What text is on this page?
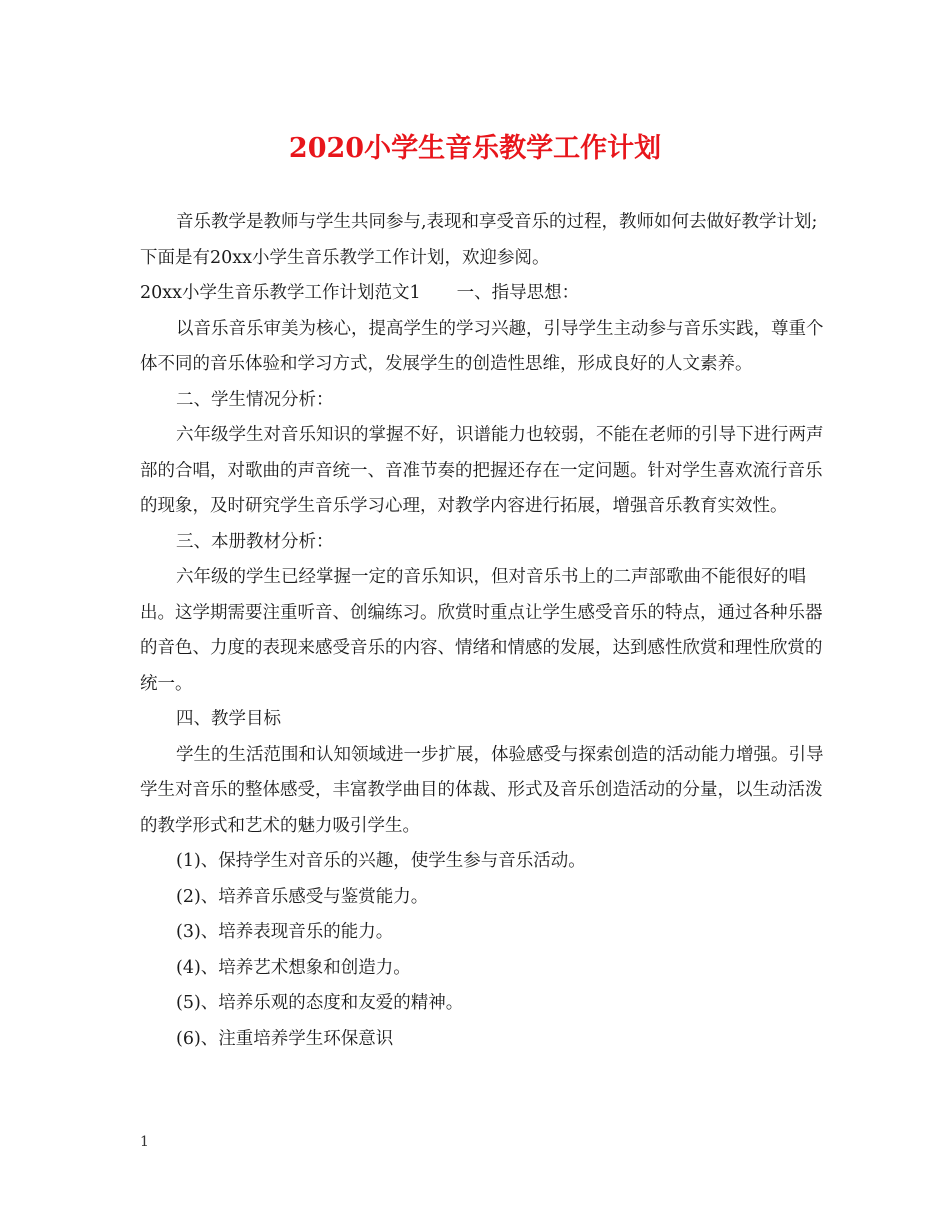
2020小学生音乐教学工作计划

音乐教学是教师与学生共同参与,表现和享受音乐的过程，教师如何去做好教学计划;下面是有20xx小学生音乐教学工作计划，欢迎参阅。

20xx小学生音乐教学工作计划范文1 一、指导思想：

以音乐音乐审美为核心，提高学生的学习兴趣，引导学生主动参与音乐实践，尊重个体不同的音乐体验和学习方式，发展学生的创造性思维，形成良好的人文素养。

二、学生情况分析：

六年级学生对音乐知识的掌握不好，识谱能力也较弱，不能在老师的引导下进行两声部的合唱，对歌曲的声音统一、音准节奏的把握还存在一定问题。针对学生喜欢流行音乐的现象，及时研究学生音乐学习心理，对教学内容进行拓展，增强音乐教育实效性。

三、本册教材分析：

六年级的学生已经掌握一定的音乐知识，但对音乐书上的二声部歌曲不能很好的唱出。这学期需要注重听音、创编练习。欣赏时重点让学生感受音乐的特点，通过各种乐器的音色、力度的表现来感受音乐的内容、情绪和情感的发展，达到感性欣赏和理性欣赏的统一。

四、教学目标

学生的生活范围和认知领域进一步扩展，体验感受与探索创造的活动能力增强。引导学生对音乐的整体感受，丰富教学曲目的体裁、形式及音乐创造活动的分量，以生动活泼的教学形式和艺术的魅力吸引学生。

(1)、保持学生对音乐的兴趣，使学生参与音乐活动。

(2)、培养音乐感受与鉴赏能力。

(3)、培养表现音乐的能力。

(4)、培养艺术想象和创造力。

(5)、培养乐观的态度和友爱的精神。

(6)、注重培养学生环保意识

1
